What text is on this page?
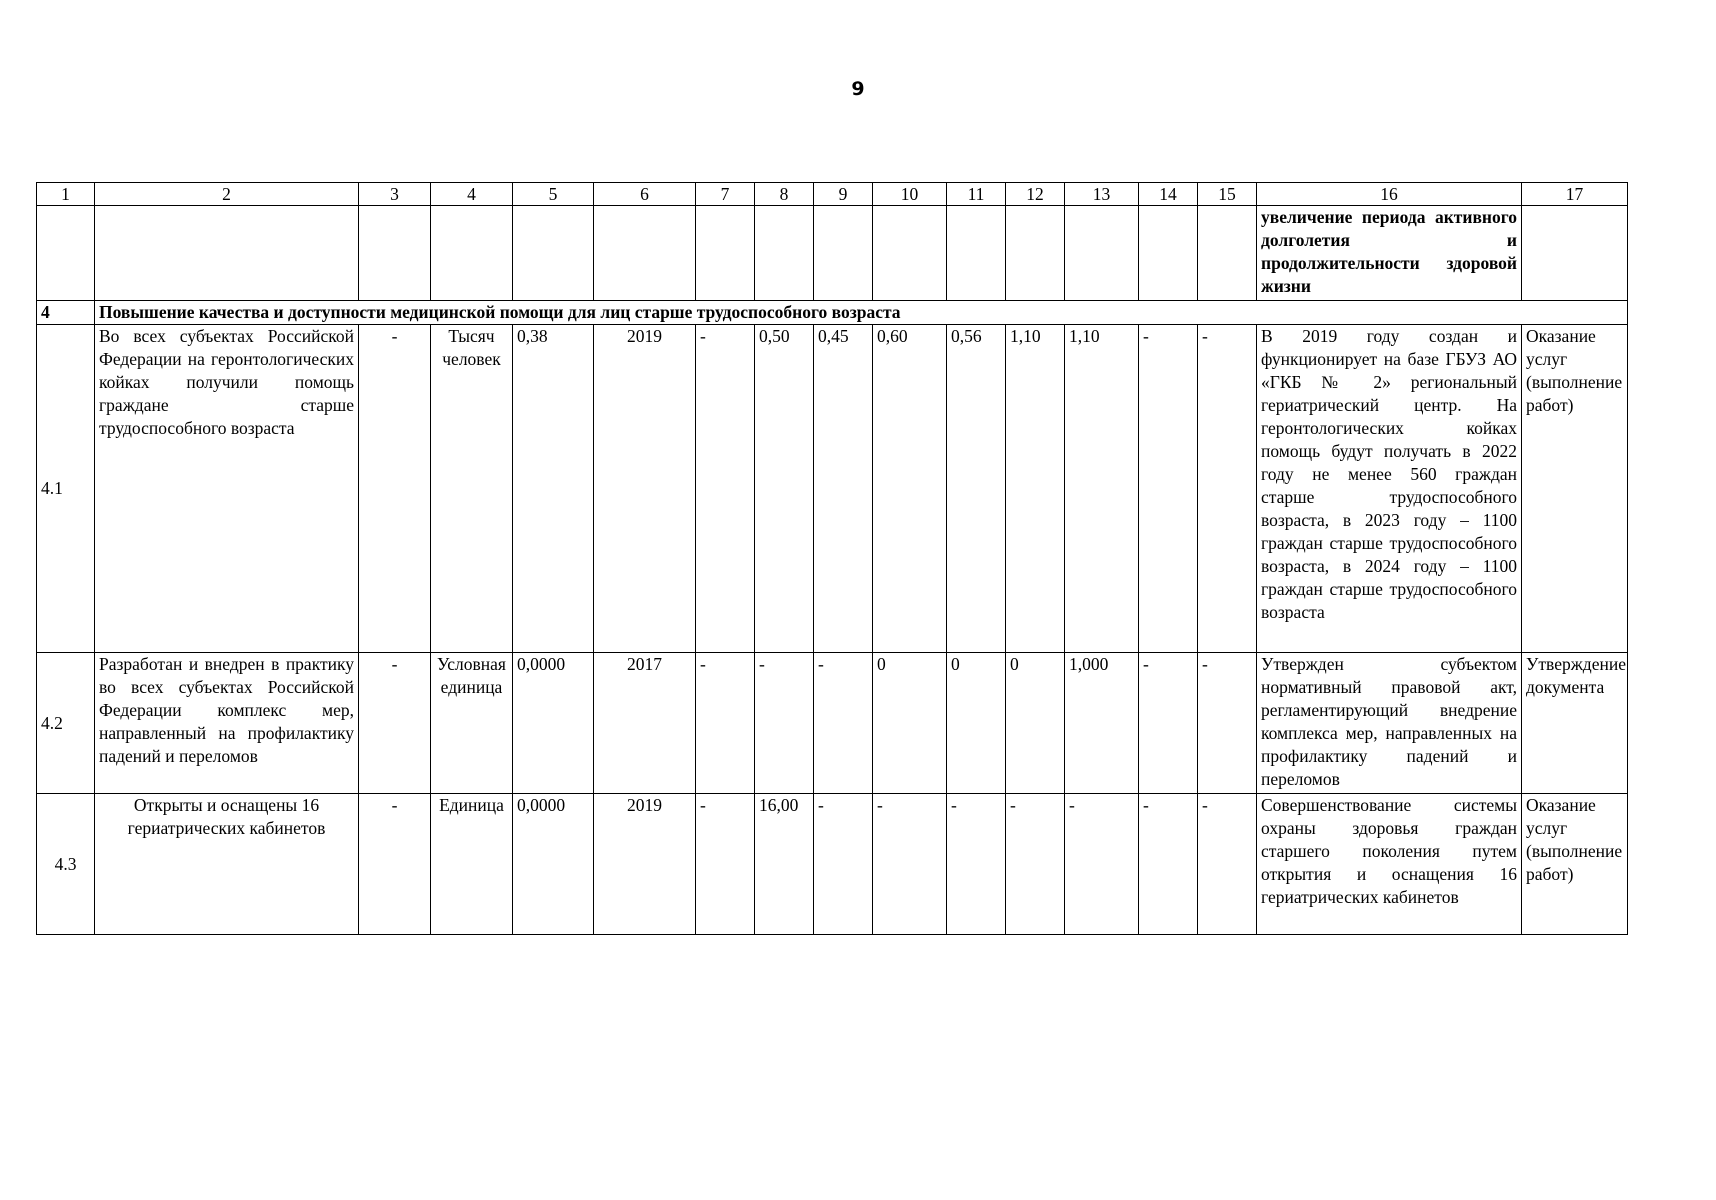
9
1	2	3	4	5	6	7	8	9	10	11	12	13	14	15	16	17
															увеличение периода активного долголетия и продолжительности здоровой жизни	
4	Повышение качества и доступности медицинской помощи для лиц старше трудоспособного возраста															
4.1	Во всех субъектах Российской Федерации на геронтологических койках получили помощь граждане старше трудоспособного возраста	-	Тысяч человек	0,38	2019	-	0,50	0,45	0,60	0,56	1,10	1,10	-	-	В 2019 году создан и функционирует на базе ГБУЗ АО «ГКБ № 2» региональный гериатрический центр. На геронтологических койках помощь будут получать в 2022 году не менее 560 граждан старше трудоспособного возраста, в 2023 году – 1100 граждан старше трудоспособного возраста, в 2024 году – 1100 граждан старше трудоспособного возраста	Оказание услуг (выполнение работ)
4.2	Разработан и внедрен в практику во всех субъектах Российской Федерации комплекс мер, направленный на профилактику падений и переломов	-	Условная единица	0,0000	2017	-	-	-	0	0	0	1,000	-	-	Утвержден субъектом нормативный правовой акт, регламентирующий внедрение комплекса мер, направленных на профилактику падений и переломов	Утверждение документа
4.3	Открыты и оснащены 16 гериатрических кабинетов	-	Единица	0,0000	2019	-	16,00	-	-	-	-	-	-	-	Совершенствование системы охраны здоровья граждан старшего поколения путем открытия и оснащения 16 гериатрических кабинетов	Оказание услуг (выполнение работ)
